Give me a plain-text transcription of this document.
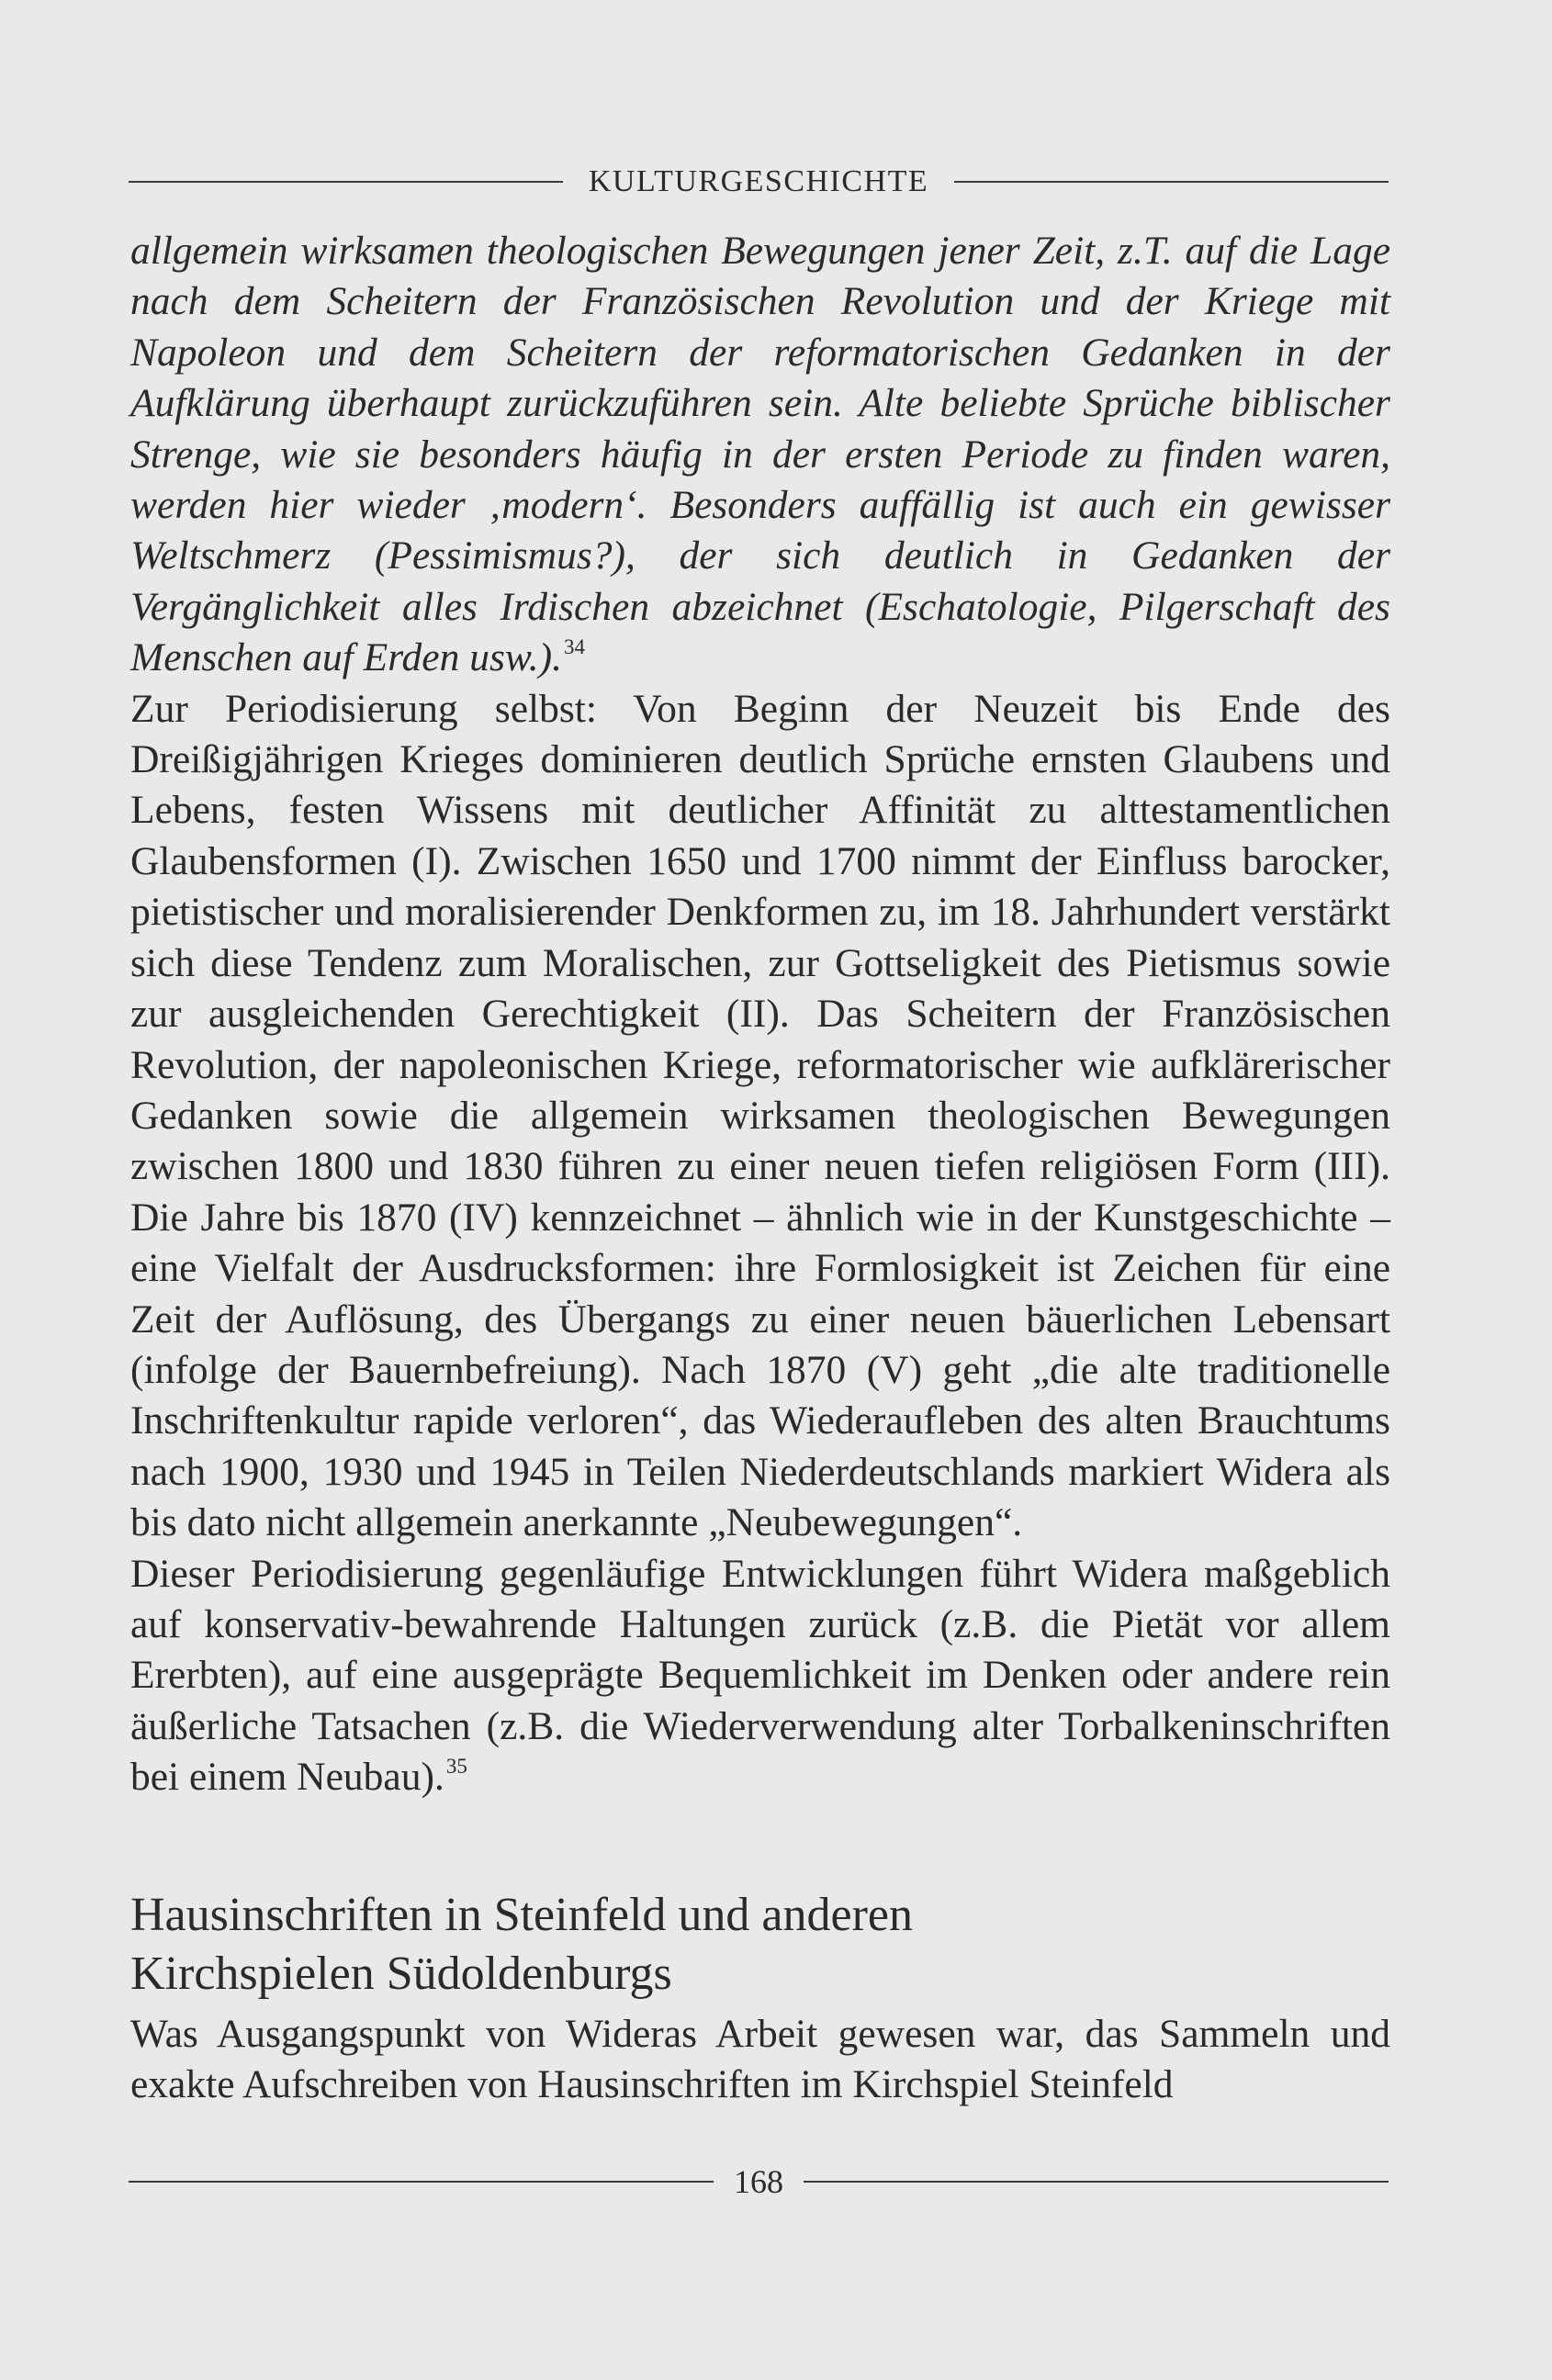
KULTURGESCHICHTE

allgemein wirksamen theologischen Bewegungen jener Zeit, z.T. auf die Lage nach dem Scheitern der Französischen Revolution und der Kriege mit Napoleon und dem Scheitern der reformatorischen Gedanken in der Aufklärung überhaupt zurückzuführen sein. Alte beliebte Sprüche biblischer Strenge, wie sie besonders häufig in der ersten Periode zu finden waren, werden hier wieder ‚modern‘. Besonders auffällig ist auch ein gewisser Weltschmerz (Pessimismus?), der sich deutlich in Gedanken der Vergänglichkeit alles Irdischen abzeichnet (Eschatologie, Pilgerschaft des Menschen auf Erden usw.).$^{34}$

Zur Periodisierung selbst: Von Beginn der Neuzeit bis Ende des Dreißigjährigen Krieges dominieren deutlich Sprüche ernsten Glaubens und Lebens, festen Wissens mit deutlicher Affinität zu alttestamentlichen Glaubensformen (I). Zwischen 1650 und 1700 nimmt der Einfluss barocker, pietistischer und moralisierender Denkformen zu, im 18. Jahrhundert verstärkt sich diese Tendenz zum Moralischen, zur Gottseligkeit des Pietismus sowie zur ausgleichenden Gerechtigkeit (II). Das Scheitern der Französischen Revolution, der napoleonischen Kriege, reformatorischer wie aufklärerischer Gedanken sowie die allgemein wirksamen theologischen Bewegungen zwischen 1800 und 1830 führen zu einer neuen tiefen religiösen Form (III). Die Jahre bis 1870 (IV) kennzeichnet – ähnlich wie in der Kunstgeschichte – eine Vielfalt der Ausdrucksformen: ihre Formlosigkeit ist Zeichen für eine Zeit der Auflösung, des Übergangs zu einer neuen bäuerlichen Lebensart (infolge der Bauernbefreiung). Nach 1870 (V) geht „die alte traditionelle Inschriftenkultur rapide verloren“, das Wiederaufleben des alten Brauchtums nach 1900, 1930 und 1945 in Teilen Niederdeutschlands markiert Widera als bis dato nicht allgemein anerkannte „Neubewegungen“.

Dieser Periodisierung gegenläufige Entwicklungen führt Widera maßgeblich auf konservativ-bewahrende Haltungen zurück (z.B. die Pietät vor allem Ererbten), auf eine ausgeprägte Bequemlichkeit im Denken oder andere rein äußerliche Tatsachen (z.B. die Wiederverwendung alter Torbalkeninschriften bei einem Neubau).$^{35}$

Hausinschriften in Steinfeld und anderen
Kirchspielen Südoldenburgs

Was Ausgangspunkt von Wideras Arbeit gewesen war, das Sammeln und exakte Aufschreiben von Hausinschriften im Kirchspiel Steinfeld

168
